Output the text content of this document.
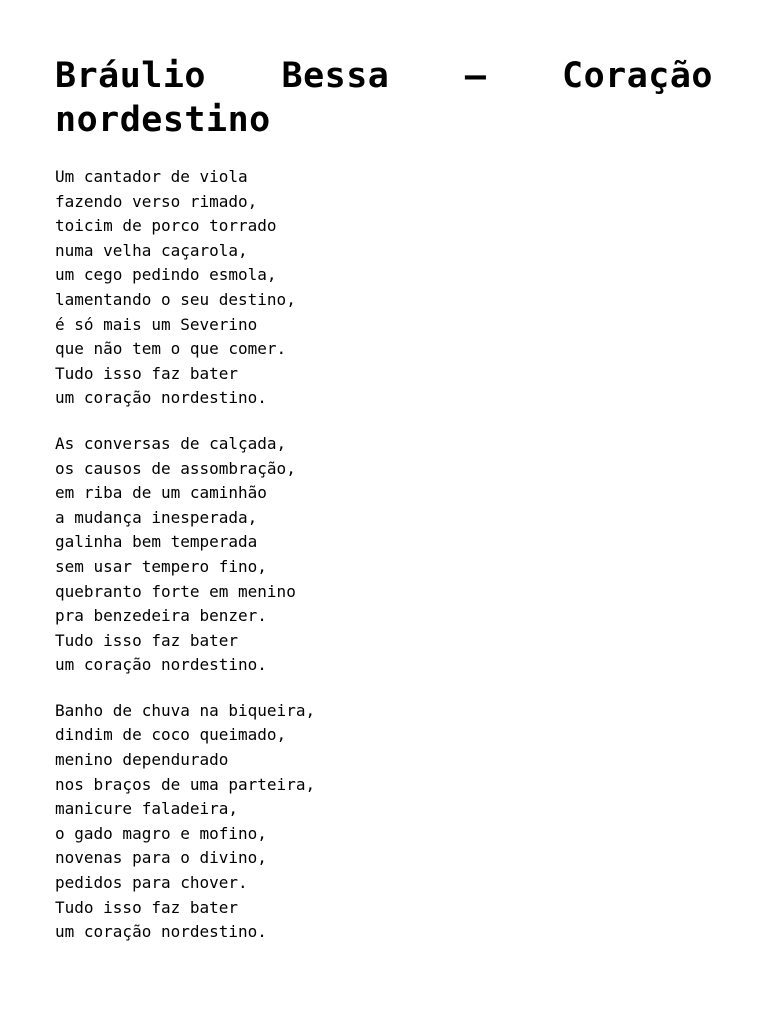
Bráulio Bessa – Coração
nordestino
Um cantador de viola
fazendo verso rimado,
toicim de porco torrado
numa velha caçarola,
um cego pedindo esmola,
lamentando o seu destino,
é só mais um Severino
que não tem o que comer.
Tudo isso faz bater
um coração nordestino.
As conversas de calçada,
os causos de assombração,
em riba de um caminhão
a mudança inesperada,
galinha bem temperada
sem usar tempero fino,
quebranto forte em menino
pra benzedeira benzer.
Tudo isso faz bater
um coração nordestino.
Banho de chuva na biqueira,
dindim de coco queimado,
menino dependurado
nos braços de uma parteira,
manicure faladeira,
o gado magro e mofino,
novenas para o divino,
pedidos para chover.
Tudo isso faz bater
um coração nordestino.
